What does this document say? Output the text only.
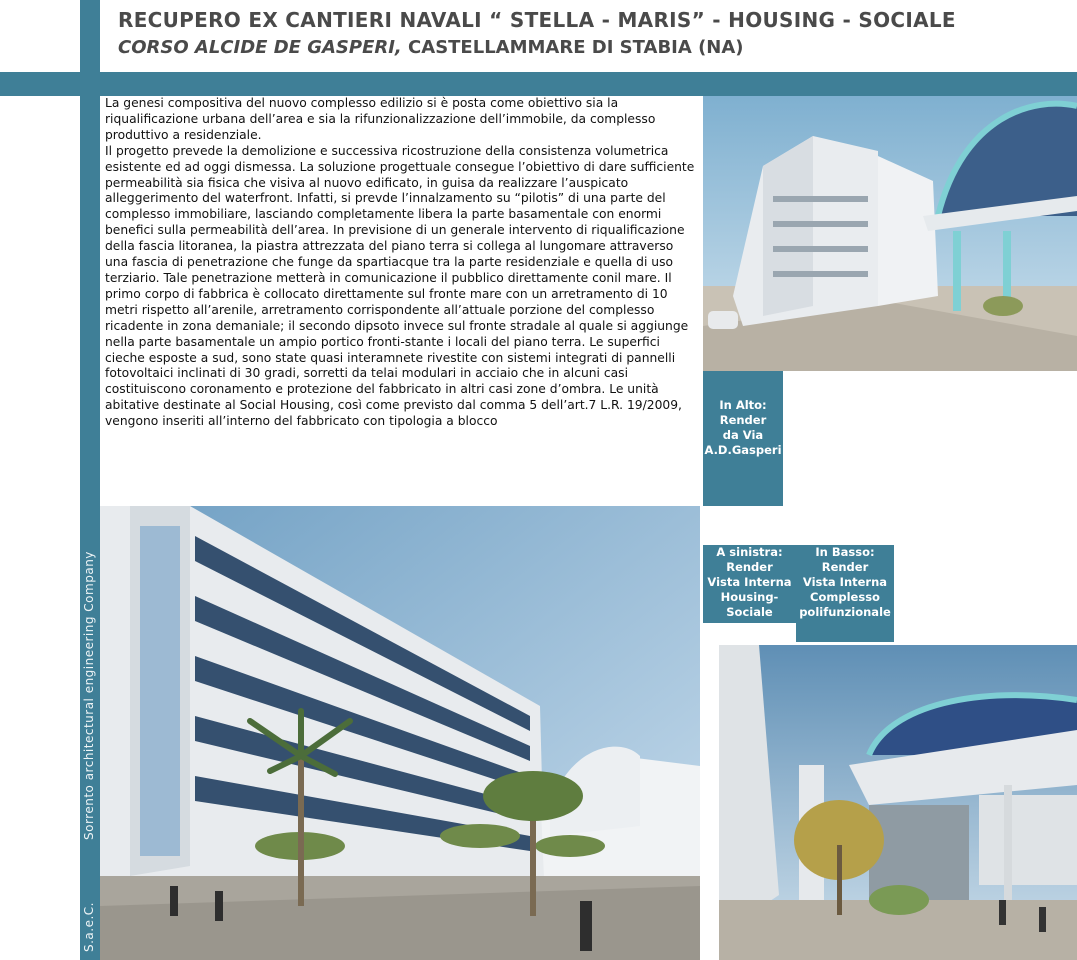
RECUPERO EX CANTIERI NAVALI “ STELLA - MARIS” - HOUSING - SOCIALE
CORSO ALCIDE DE GASPERI, CASTELLAMMARE DI STABIA (NA)
Sorrento architectural engineering Company
S.a.e.C.

La genesi compositiva del nuovo complesso edilizio si è posta come obiettivo sia la riqualificazione urbana dell’area e sia la rifunzionalizzazione dell’immobile, da complesso produttivo a residenziale.

Il progetto prevede la demolizione e successiva ricostruzione della consistenza volumetrica esistente ed ad oggi dismessa. La soluzione progettuale consegue l’obiettivo di dare sufficiente permeabilità sia fisica che visiva al nuovo edificato, in guisa da realizzare l’auspicato alleggerimento del waterfront. Infatti, si prevde l’innalzamento su “pilotis” di una parte del complesso immobiliare, lasciando completamente libera la parte basamentale con enormi benefici sulla permeabilità dell’area. In previsione di un generale intervento di riqualificazione della fascia litoranea, la piastra attrezzata del piano terra si collega al lungomare attraverso una fascia di penetrazione che funge da spartiacque tra la parte residenziale e quella di uso terziario. Tale penetrazione metterà in comunicazione il pubblico direttamente conil mare. Il primo corpo di fabbrica è collocato direttamente sul fronte mare con un arretramento di 10 metri rispetto all’arenile, arretramento corrispondente all’attuale porzione del complesso ricadente in zona demaniale; il secondo dipsoto invece sul fronte stradale al quale si aggiunge nella parte basamentale un ampio portico fronti-stante i locali del piano terra. Le superfici cieche esposte a sud, sono state quasi interamnete rivestite con sistemi integrati di pannelli fotovoltaici inclinati di 30 gradi, sorretti da telai modulari in acciaio che in alcuni casi costituiscono coronamento e protezione del fabbricato in altri casi zone d’ombra. Le unità abitative destinate al Social Housing, così come previsto dal comma 5 dell’art.7 L.R. 19/2009, vengono inseriti all’interno del fabbricato con tipologia a blocco

In Alto:
Render
da Via
A.D.Gasperi
A sinistra:
Render
Vista Interna
Housing-Sociale
In Basso:
Render
Vista Interna
Complesso
polifunzionale
